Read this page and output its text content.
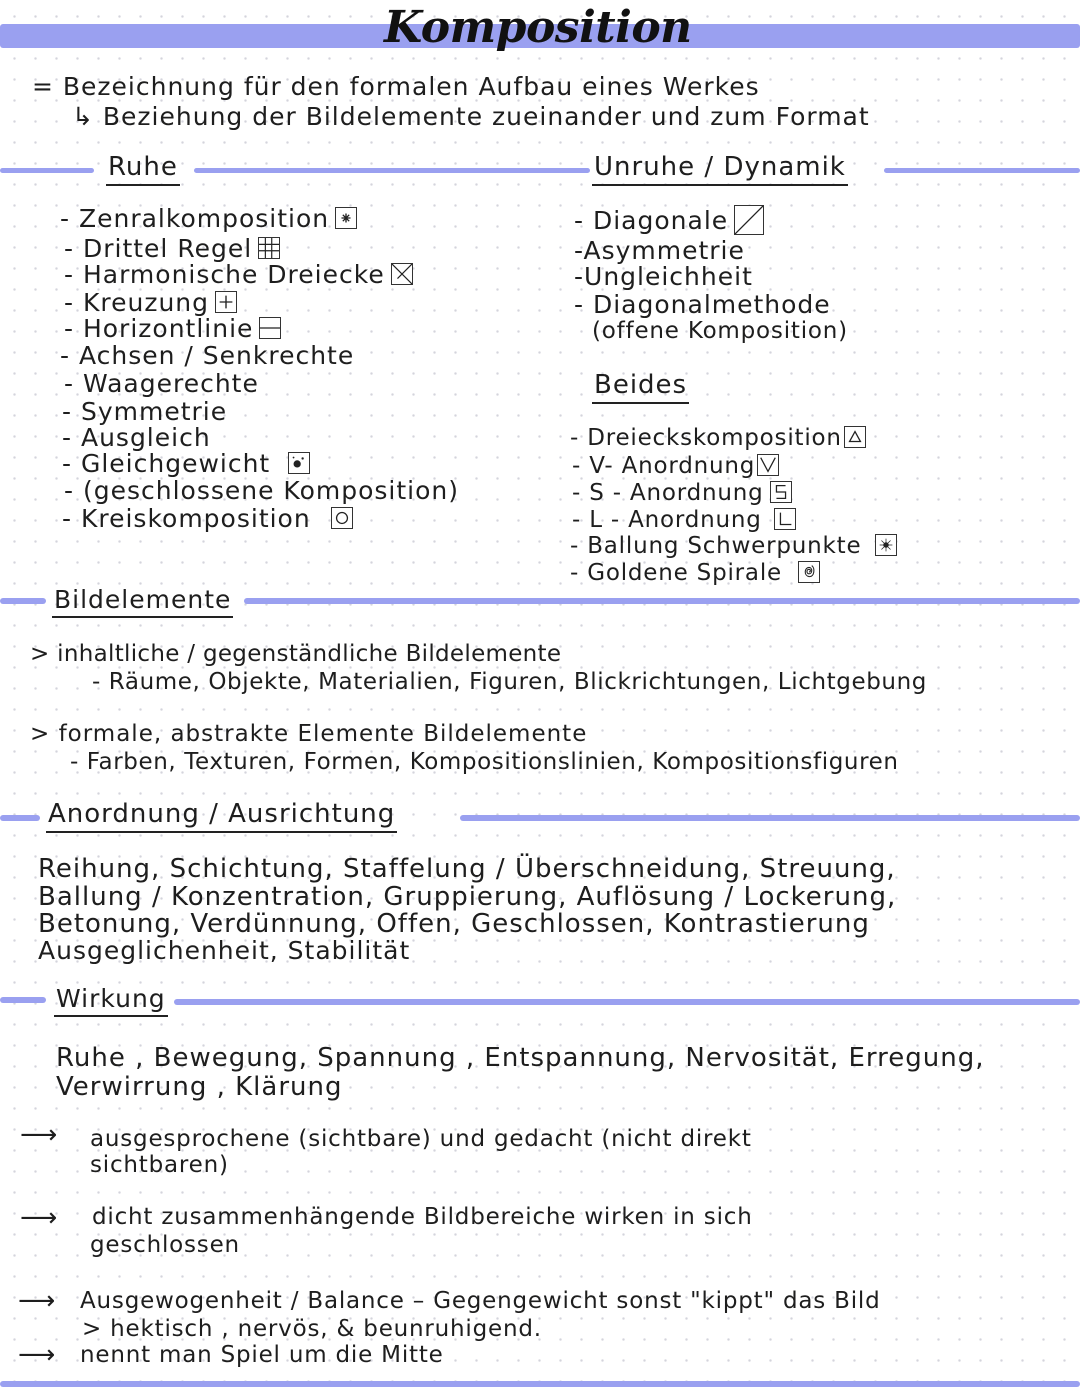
Komposition
= Bezeichnung für den formalen Aufbau eines Werkes
↳ Beziehung der Bildelemente zueinander und zum Format
Ruhe	Unruhe / Dynamik
- Zenralkomposition
- Drittel Regel
- Harmonische Dreiecke
- Kreuzung
- Horizontlinie
- Achsen / Senkrechte
- Waagerechte
- Symmetrie
- Ausgleich
- Gleichgewicht
- (geschlossene Komposition)
- Kreiskomposition
- Diagonale
-Asymmetrie
-Ungleichheit
- Diagonalmethode
(offene Komposition)
Beides
- Dreieckskomposition
- V- Anordnung
- S - Anordnung
- L - Anordnung
- Ballung Schwerpunkte
- Goldene Spirale
Bildelemente
> inhaltliche / gegenständliche Bildelemente
- Räume, Objekte, Materialien, Figuren, Blickrichtungen, Lichtgebung
> formale, abstrakte Elemente Bildelemente
- Farben, Texturen, Formen, Kompositionslinien, Kompositionsfiguren
Anordnung / Ausrichtung
Reihung, Schichtung, Staffelung / Überschneidung, Streuung,
Ballung / Konzentration, Gruppierung, Auflösung / Lockerung,
Betonung, Verdünnung, Offen, Geschlossen, Kontrastierung
Ausgeglichenheit, Stabilität
Wirkung
Ruhe , Bewegung, Spannung , Entspannung, Nervosität, Erregung,
Verwirrung , Klärung
⟶ ausgesprochene (sichtbare) und gedacht (nicht direkt
sichtbaren)
⟶ dicht zusammenhängende Bildbereiche wirken in sich
geschlossen
⟶ Ausgewogenheit / Balance – Gegengewicht sonst "kippt" das Bild
> hektisch , nervös, & beunruhigend.
⟶ nennt man Spiel um die Mitte
